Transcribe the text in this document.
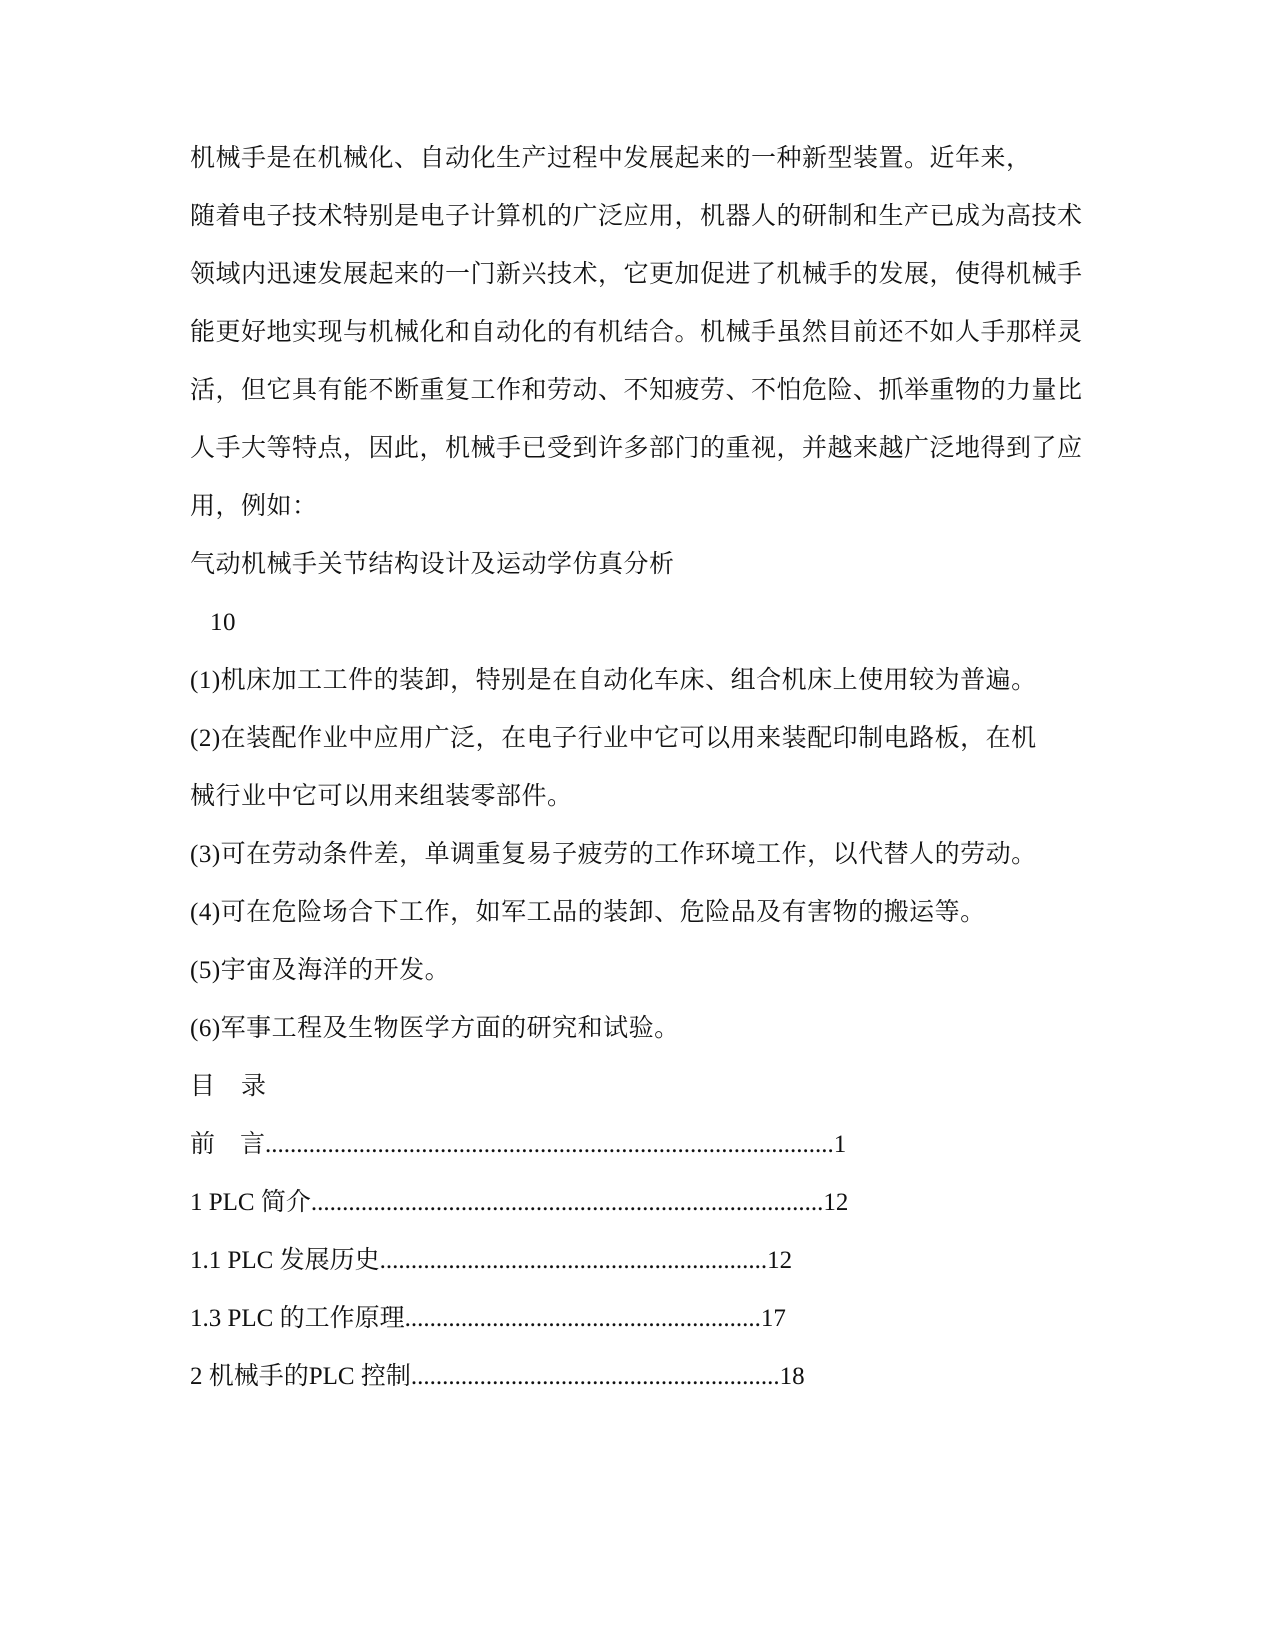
机械手是在机械化、自动化生产过程中发展起来的一种新型装置。近年来，
随着电子技术特别是电子计算机的广泛应用，机器人的研制和生产已成为高技术
领域内迅速发展起来的一门新兴技术，它更加促进了机械手的发展，使得机械手
能更好地实现与机械化和自动化的有机结合。机械手虽然目前还不如人手那样灵
活，但它具有能不断重复工作和劳动、不知疲劳、不怕危险、抓举重物的力量比
人手大等特点，因此，机械手已受到许多部门的重视，并越来越广泛地得到了应
用，例如：
气动机械手关节结构设计及运动学仿真分析
10
(1)机床加工工件的装卸，特别是在自动化车床、组合机床上使用较为普遍。
(2)在装配作业中应用广泛，在电子行业中它可以用来装配印制电路板，在机
械行业中它可以用来组装零部件。
(3)可在劳动条件差，单调重复易子疲劳的工作环境工作，以代替人的劳动。
(4)可在危险场合下工作，如军工品的装卸、危险品及有害物的搬运等。
(5)宇宙及海洋的开发。
(6)军事工程及生物医学方面的研究和试验。
目　录
前　言 ........................................................................................... 1
1 PLC 简介 .................................................................................. 12
1.1 PLC 发展历史 .............................................................. 12
1.3 PLC 的工作原理 ......................................................... 17
2 机械手的PLC 控制 ........................................................... 18
